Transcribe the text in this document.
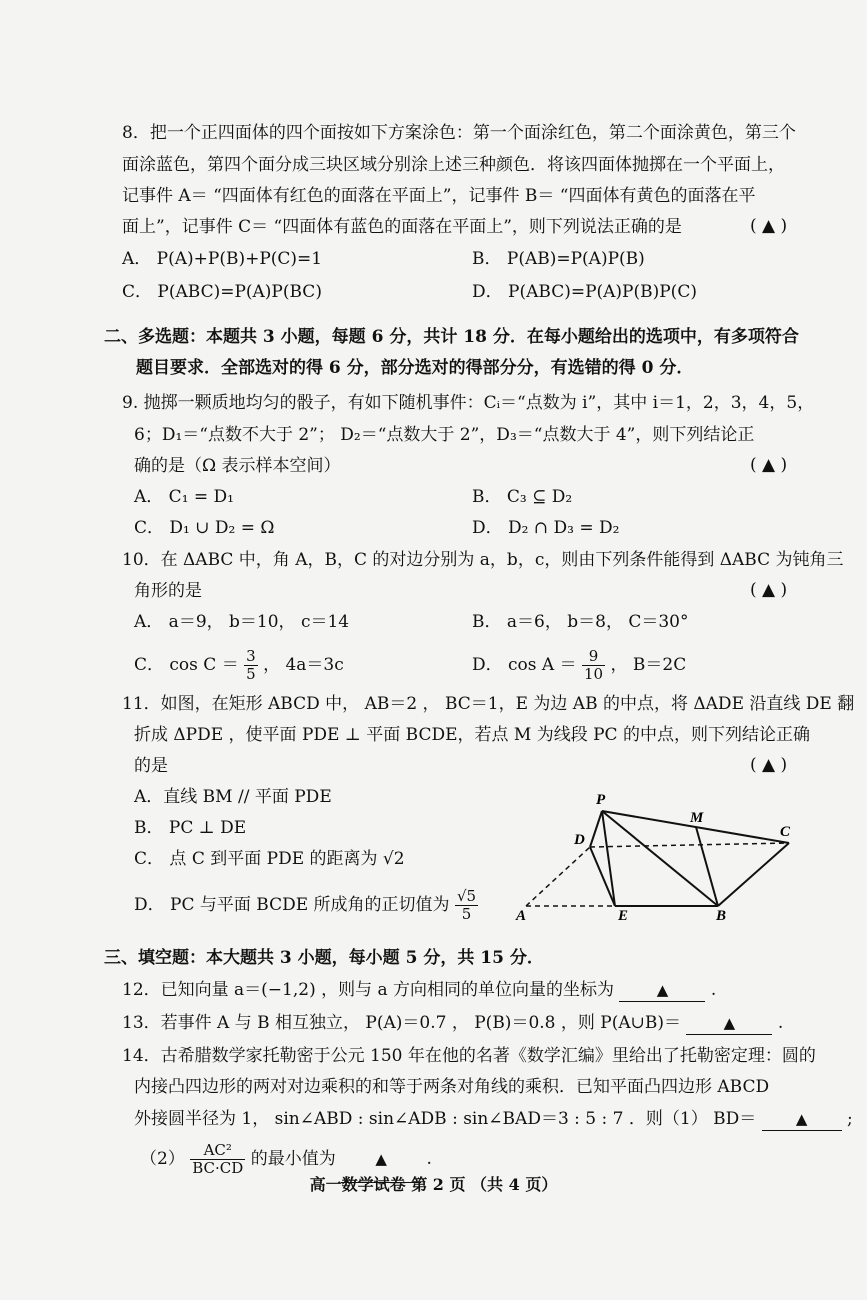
8．把一个正四面体的四个面按如下方案涂色：第一个面涂红色，第二个面涂黄色，第三个
面涂蓝色，第四个面分成三块区域分别涂上述三种颜色．将该四面体抛掷在一个平面上，
记事件 A＝ “四面体有红色的面落在平面上”，记事件 B＝ “四面体有黄色的面落在平
面上”，记事件 C＝ “四面体有蓝色的面落在平面上”，则下列说法正确的是	( ▲ )
A． P(A)+P(B)+P(C)=1	B． P(AB)=P(A)P(B)
C． P(ABC)=P(A)P(BC)	D． P(ABC)=P(A)P(B)P(C)
二、多选题：本题共 3 小题，每题 6 分，共计 18 分．在每小题给出的选项中，有多项符合
题目要求．全部选对的得 6 分，部分选对的得部分分，有选错的得 0 分．
9. 抛掷一颗质地均匀的骰子，有如下随机事件：Cᵢ＝“点数为 i”，其中 i＝1，2，3，4，5，
6；D₁＝“点数不大于 2”； D₂＝“点数大于 2”，D₃＝“点数大于 4”，则下列结论正
确的是（Ω 表示样本空间）	( ▲ )
A． C₁ = D₁	B． C₃ ⊆ D₂
C． D₁ ∪ D₂ = Ω	D． D₂ ∩ D₃ = D₂
10．在 ΔABC 中，角 A，B，C 的对边分别为 a，b，c，则由下列条件能得到 ΔABC 为钝角三
角形的是	( ▲ )
A． a＝9， b＝10， c＝14	B． a＝6， b＝8， C＝30°
C． $\cos C = \frac{3}{5}$ ， 4a＝3c	D． $\cos A = \frac{9}{10}$ ， B＝2C
11．如图，在矩形 ABCD 中， AB＝2 ， BC＝1，E 为边 AB 的中点，将 ΔADE 沿直线 DE 翻
折成 ΔPDE ，使平面 PDE ⊥ 平面 BCDE，若点 M 为线段 PC 的中点，则下列结论正确
的是	( ▲ )
A．直线 BM // 平面 PDE
B． PC ⊥ DE
C． 点 C 到平面 PDE 的距离为 √2
D． PC 与平面 BCDE 所成角的正切值为 $\frac{√5}{5}$
P
M
C
D
A	E	B
三、填空题：本大题共 3 小题，每小题 5 分，共 15 分．
12．已知向量 a＝(−1,2) ，则与 a 方向相同的单位向量的坐标为	▲	.
13．若事件 A 与 B 相互独立， P(A)＝0.7 ， P(B)＝0.8 ，则 P(A∪B)＝	▲	.
14．古希腊数学家托勒密于公元 150 年在他的名著《数学汇编》里给出了托勒密定理：圆的
内接凸四边形的两对对边乘积的和等于两条对角线的乘积．已知平面凸四边形 ABCD
外接圆半径为 1， sin∠ABD : sin∠ADB : sin∠BAD＝3 : 5 : 7 ．则（1） BD＝	▲ ;
$(2) \frac{\text{AC²}}{BC\cdot CD}$ 的最小值为	▲ .
高一数学试卷 第 2 页 （共 4 页）
